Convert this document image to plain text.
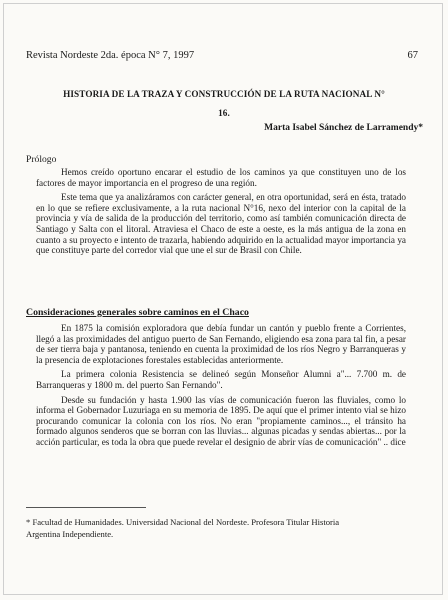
Revista Nordeste 2da. época N° 7, 1997	67
HISTORIA DE LA TRAZA Y CONSTRUCCIÓN DE LA RUTA NACIONAL N° 16.
Marta Isabel Sánchez de Larramendy*
Prólogo

Hemos creído oportuno encarar el estudio de los caminos ya que constituyen uno de los factores de mayor importancia en el progreso de una región.

Este tema que ya analizáramos con carácter general, en otra oportunidad, será en ésta, tratado en lo que se refiere exclusivamente, a la ruta nacional N°16, nexo del interior con la capital de la provincia y vía de salida de la producción del territorio, como así también comunicación directa de Santiago y Salta con el litoral. Atraviesa el Chaco de este a oeste, es la más antigua de la zona en cuanto a su proyecto e intento de trazarla, habiendo adquirido en la actualidad mayor importancia ya que constituye parte del corredor vial que une el sur de Brasil con Chile.

Consideraciones generales sobre caminos en el Chaco

En 1875 la comisión exploradora que debía fundar un cantón y pueblo frente a Corrientes, llegó a las proximidades del antiguo puerto de San Fernando, eligiendo esa zona para tal fin, a pesar de ser tierra baja y pantanosa, teniendo en cuenta la proximidad de los ríos Negro y Barranqueras y la presencia de explotaciones forestales establecidas anteriormente.

La primera colonia Resistencia se delineó según Monseñor Alumni a"... 7.700 m. de Barranqueras y 1800 m. del puerto San Fernando".

Desde su fundación y hasta 1.900 las vías de comunicación fueron las fluviales, como lo informa el Gobernador Luzuriaga en su memoria de 1895. De aquí que el primer intento vial se hizo procurando comunicar la colonia con los ríos. No eran "propiamente caminos..., el tránsito ha formado algunos senderos que se borran con las lluvias... algunas picadas y sendas abiertas... por la acción particular, es toda la obra que puede revelar el designio de abrir vías de comunicación" .. dice

* Facultad de Humanidades. Universidad Nacional del Nordeste. Profesora Titular Historia Argentina Independiente.
